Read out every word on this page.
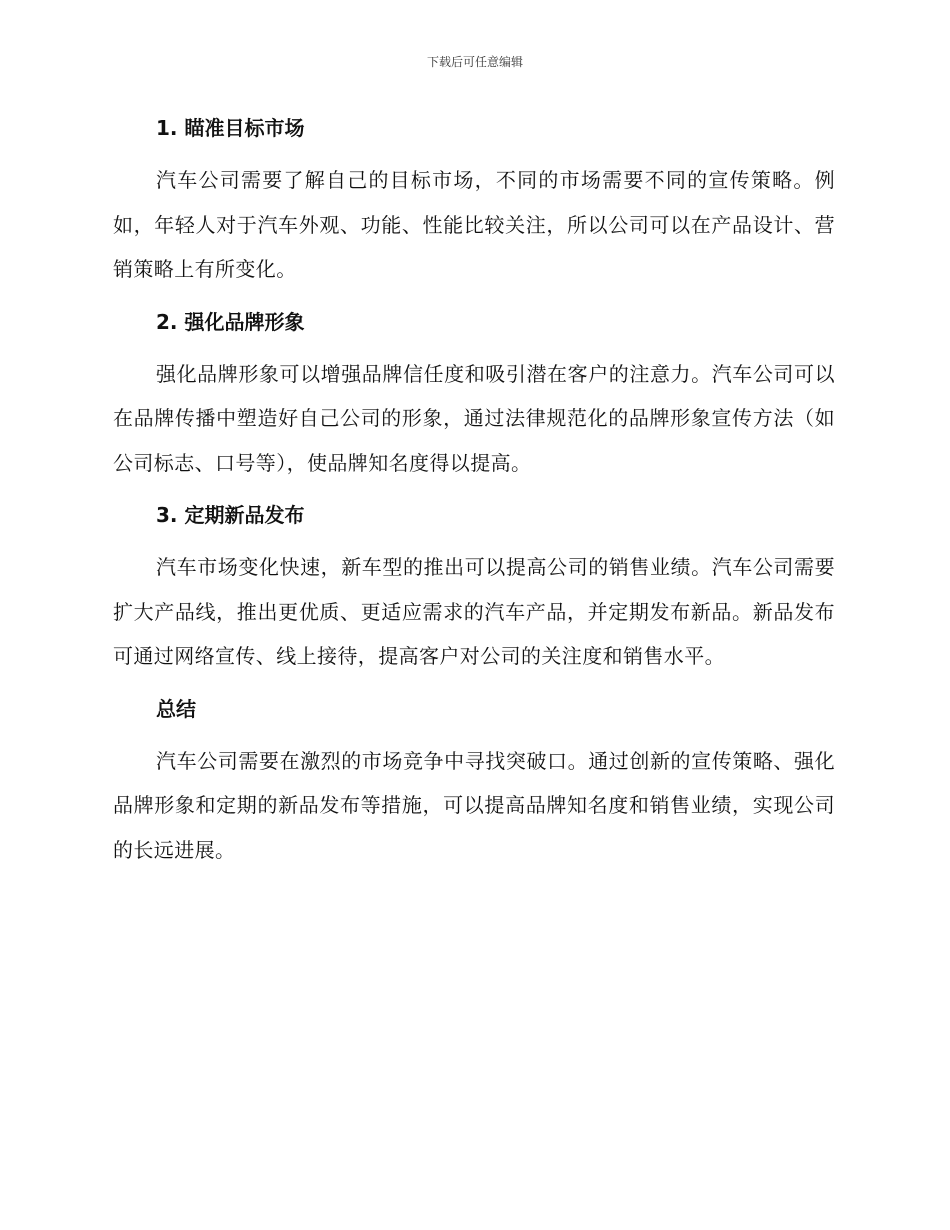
下载后可任意编辑
1. 瞄准目标市场

汽车公司需要了解自己的目标市场，不同的市场需要不同的宣传策略。例如，年轻人对于汽车外观、功能、性能比较关注，所以公司可以在产品设计、营销策略上有所变化。

2. 强化品牌形象

强化品牌形象可以增强品牌信任度和吸引潜在客户的注意力。汽车公司可以在品牌传播中塑造好自己公司的形象，通过法律规范化的品牌形象宣传方法（如公司标志、口号等），使品牌知名度得以提高。

3. 定期新品发布

汽车市场变化快速，新车型的推出可以提高公司的销售业绩。汽车公司需要扩大产品线，推出更优质、更适应需求的汽车产品，并定期发布新品。新品发布可通过网络宣传、线上接待，提高客户对公司的关注度和销售水平。

总结

汽车公司需要在激烈的市场竞争中寻找突破口。通过创新的宣传策略、强化品牌形象和定期的新品发布等措施，可以提高品牌知名度和销售业绩，实现公司的长远进展。
